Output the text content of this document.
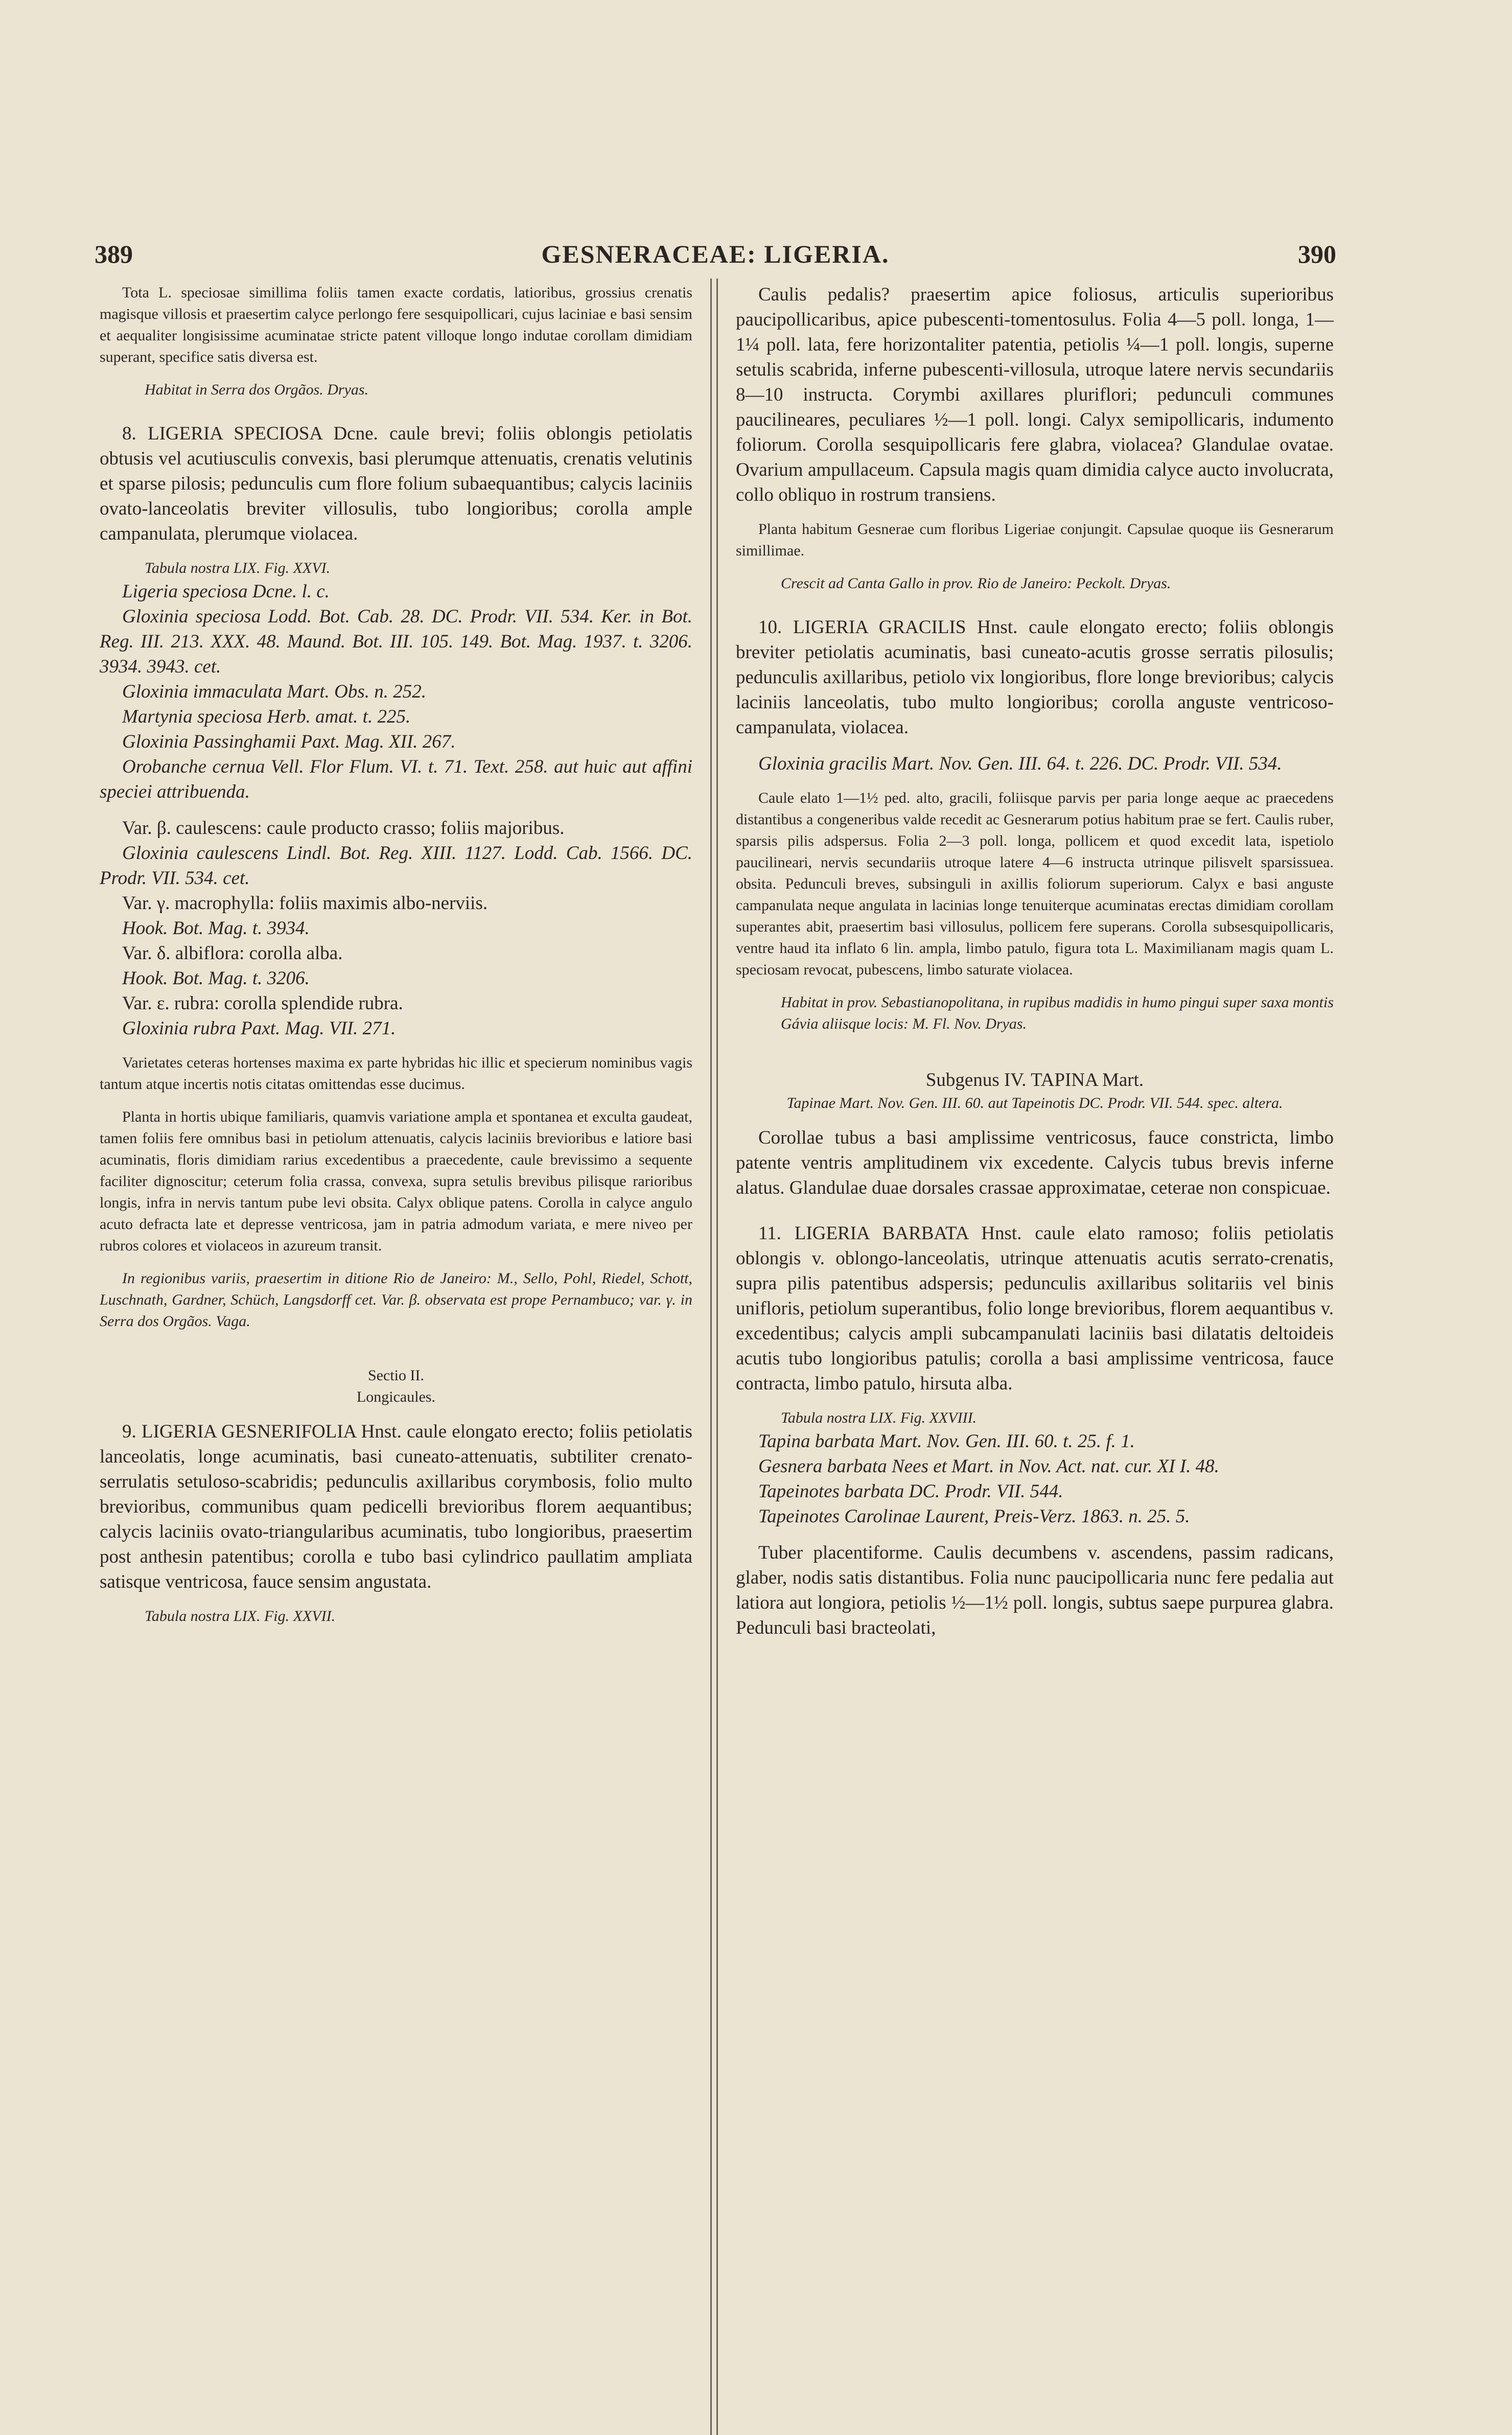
389	GESNERACEAE: LIGERIA.	390

Tota L. speciosae simillima foliis tamen exacte cordatis, latioribus, grossius crenatis magisque villosis et praesertim calyce perlongo fere sesquipollicari, cujus laciniae e basi sensim et aequaliter longisissime acuminatae stricte patent villoque longo indutae corollam dimidiam superant, specifice satis diversa est.

Habitat in Serra dos Orgãos. Dryas.

8. LIGERIA SPECIOSA Dcne. caule brevi; foliis oblongis petiolatis obtusis vel acutiusculis convexis, basi plerumque attenuatis, crenatis velutinis et sparse pilosis; pedunculis cum flore folium subaequantibus; calycis laciniis ovato-lanceolatis breviter villosulis, tubo longioribus; corolla ample campanulata, plerumque violacea.

Tabula nostra LIX. Fig. XXVI.

Ligeria speciosa Dcne. l. c.

Gloxinia speciosa Lodd. Bot. Cab. 28. DC. Prodr. VII. 534. Ker. in Bot. Reg. III. 213. XXX. 48. Maund. Bot. III. 105. 149. Bot. Mag. 1937. t. 3206. 3934. 3943. cet.

Gloxinia immaculata Mart. Obs. n. 252.

Martynia speciosa Herb. amat. t. 225.

Gloxinia Passinghamii Paxt. Mag. XII. 267.

Orobanche cernua Vell. Flor Flum. VI. t. 71. Text. 258. aut huic aut affini speciei attribuenda.

Var. β. caulescens: caule producto crasso; foliis majoribus.

Gloxinia caulescens Lindl. Bot. Reg. XIII. 1127. Lodd. Cab. 1566. DC. Prodr. VII. 534. cet.

Var. γ. macrophylla: foliis maximis albo-nerviis.

Hook. Bot. Mag. t. 3934.

Var. δ. albiflora: corolla alba.

Hook. Bot. Mag. t. 3206.

Var. ε. rubra: corolla splendide rubra.

Gloxinia rubra Paxt. Mag. VII. 271.

Varietates ceteras hortenses maxima ex parte hybridas hic illic et specierum nominibus vagis tantum atque incertis notis citatas omittendas esse ducimus.

Planta in hortis ubique familiaris, quamvis variatione ampla et spontanea et exculta gaudeat, tamen foliis fere omnibus basi in petiolum attenuatis, calycis laciniis brevioribus e latiore basi acuminatis, floris dimidiam rarius excedentibus a praecedente, caule brevissimo a sequente faciliter dignoscitur; ceterum folia crassa, convexa, supra setulis brevibus pilisque rarioribus longis, infra in nervis tantum pube levi obsita. Calyx oblique patens. Corolla in calyce angulo acuto defracta late et depresse ventricosa, jam in patria admodum variata, e mere niveo per rubros colores et violaceos in azureum transit.

In regionibus variis, praesertim in ditione Rio de Janeiro: M., Sello, Pohl, Riedel, Schott, Luschnath, Gardner, Schüch, Langsdorff cet. Var. β. observata est prope Pernambuco; var. γ. in Serra dos Orgãos. Vaga.

Sectio II.

Longicaules.

9. LIGERIA GESNERIFOLIA Hnst. caule elongato erecto; foliis petiolatis lanceolatis, longe acuminatis, basi cuneato-attenuatis, subtiliter crenato-serrulatis setuloso-scabridis; pedunculis axillaribus corymbosis, folio multo brevioribus, communibus quam pedicelli brevioribus florem aequantibus; calycis laciniis ovato-triangularibus acuminatis, tubo longioribus, praesertim post anthesin patentibus; corolla e tubo basi cylindrico paullatim ampliata satisque ventricosa, fauce sensim angustata.

Tabula nostra LIX. Fig. XXVII.

Caulis pedalis? praesertim apice foliosus, articulis superioribus paucipollicaribus, apice pubescenti-tomentosulus. Folia 4—5 poll. longa, 1—1¼ poll. lata, fere horizontaliter patentia, petiolis ¼—1 poll. longis, superne setulis scabrida, inferne pubescenti-villosula, utroque latere nervis secundariis 8—10 instructa. Corymbi axillares pluriflori; pedunculi communes paucilineares, peculiares ½—1 poll. longi. Calyx semipollicaris, indumento foliorum. Corolla sesquipollicaris fere glabra, violacea? Glandulae ovatae. Ovarium ampullaceum. Capsula magis quam dimidia calyce aucto involucrata, collo obliquo in rostrum transiens.

Planta habitum Gesnerae cum floribus Ligeriae conjungit. Capsulae quoque iis Gesnerarum simillimae.

Crescit ad Canta Gallo in prov. Rio de Janeiro: Peckolt. Dryas.

10. LIGERIA GRACILIS Hnst. caule elongato erecto; foliis oblongis breviter petiolatis acuminatis, basi cuneato-acutis grosse serratis pilosulis; pedunculis axillaribus, petiolo vix longioribus, flore longe brevioribus; calycis laciniis lanceolatis, tubo multo longioribus; corolla anguste ventricoso-campanulata, violacea.

Gloxinia gracilis Mart. Nov. Gen. III. 64. t. 226. DC. Prodr. VII. 534.

Caule elato 1—1½ ped. alto, gracili, foliisque parvis per paria longe aeque ac praecedens distantibus a congeneribus valde recedit ac Gesnerarum potius habitum prae se fert. Caulis ruber, sparsis pilis adspersus. Folia 2—3 poll. longa, pollicem et quod excedit lata, ispetiolo paucilineari, nervis secundariis utroque latere 4—6 instructa utrinque pilisvelt sparsissuea. obsita. Pedunculi breves, subsinguli in axillis foliorum superiorum. Calyx e basi anguste campanulata neque angulata in lacinias longe tenuiterque acuminatas erectas dimidiam corollam superantes abit, praesertim basi villosulus, pollicem fere superans. Corolla subsesquipollicaris, ventre haud ita inflato 6 lin. ampla, limbo patulo, figura tota L. Maximilianam magis quam L. speciosam revocat, pubescens, limbo saturate violacea.

Habitat in prov. Sebastianopolitana, in rupibus madidis in humo pingui super saxa montis Gávia aliisque locis: M. Fl. Nov. Dryas.

Subgenus IV. TAPINA Mart.

Tapinae Mart. Nov. Gen. III. 60. aut Tapeinotis DC. Prodr. VII. 544. spec. altera.

Corollae tubus a basi amplissime ventricosus, fauce constricta, limbo patente ventris amplitudinem vix excedente. Calycis tubus brevis inferne alatus. Glandulae duae dorsales crassae approximatae, ceterae non conspicuae.

11. LIGERIA BARBATA Hnst. caule elato ramoso; foliis petiolatis oblongis v. oblongo-lanceolatis, utrinque attenuatis acutis serrato-crenatis, supra pilis patentibus adspersis; pedunculis axillaribus solitariis vel binis unifloris, petiolum superantibus, folio longe brevioribus, florem aequantibus v. excedentibus; calycis ampli subcampanulati laciniis basi dilatatis deltoideis acutis tubo longioribus patulis; corolla a basi amplissime ventricosa, fauce contracta, limbo patulo, hirsuta alba.

Tabula nostra LIX. Fig. XXVIII.

Tapina barbata Mart. Nov. Gen. III. 60. t. 25. f. 1.

Gesnera barbata Nees et Mart. in Nov. Act. nat. cur. XI I. 48.

Tapeinotes barbata DC. Prodr. VII. 544.

Tapeinotes Carolinae Laurent, Preis-Verz. 1863. n. 25. 5.

Tuber placentiforme. Caulis decumbens v. ascendens, passim radicans, glaber, nodis satis distantibus. Folia nunc paucipollicaria nunc fere pedalia aut latiora aut longiora, petiolis ½—1½ poll. longis, subtus saepe purpurea glabra. Pedunculi basi bracteolati,
